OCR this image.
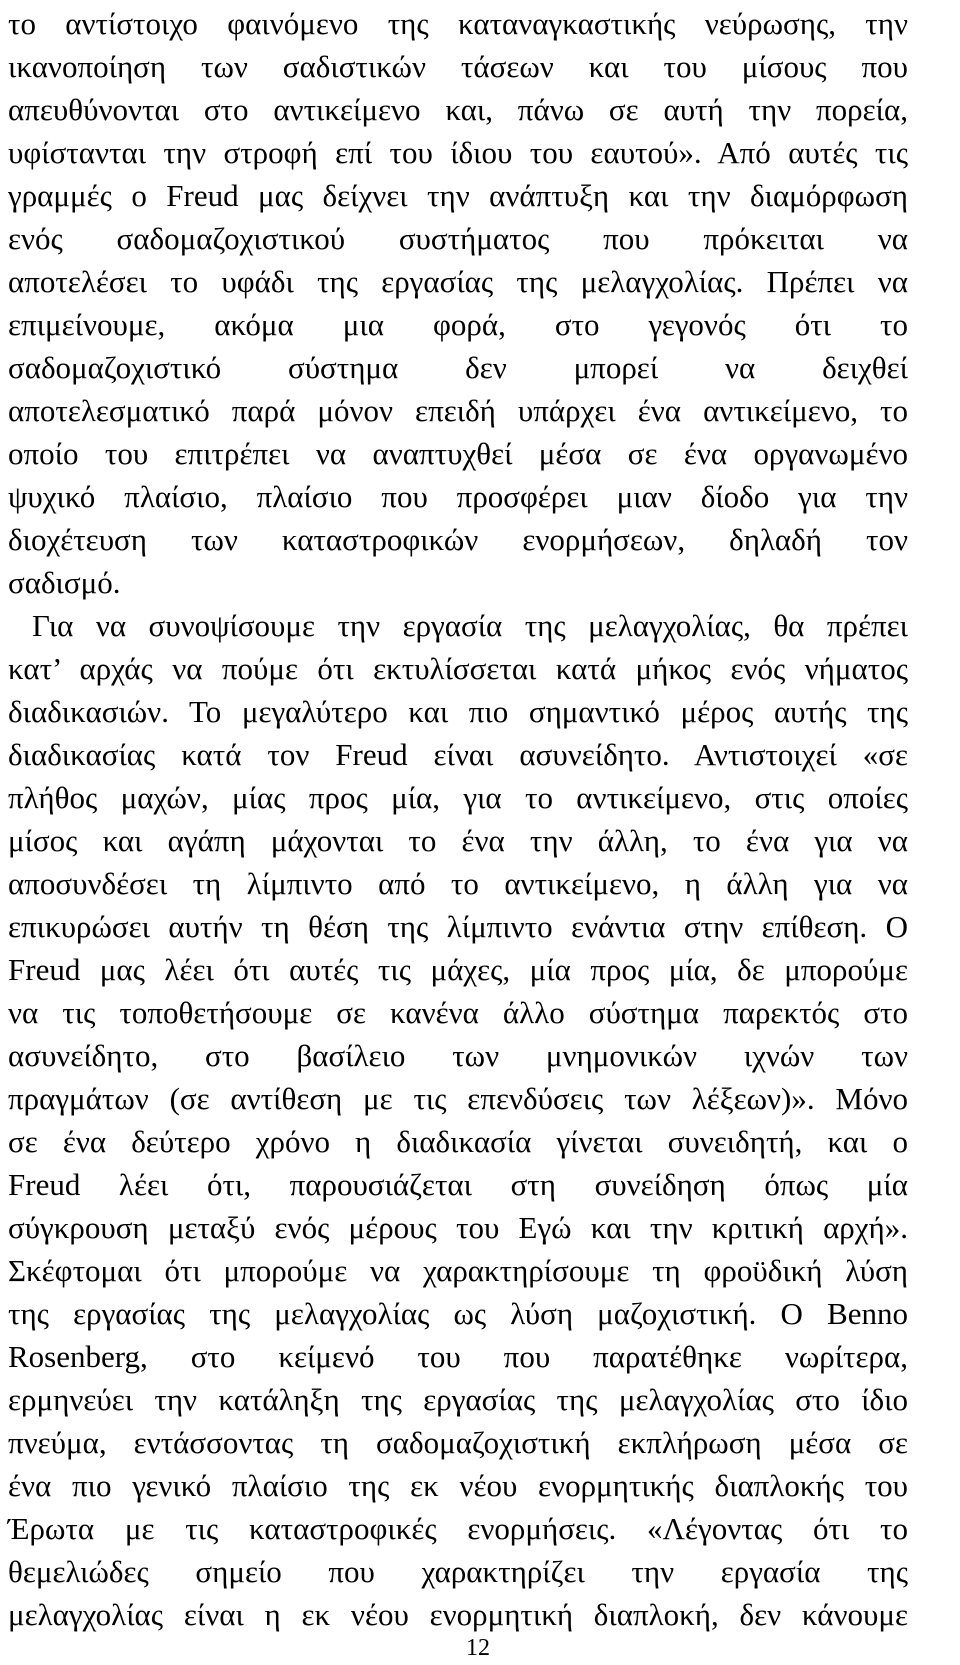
το αντίστοιχο φαινόμενο της καταναγκαστικής νεύρωσης, την
ικανοποίηση των σαδιστικών τάσεων και του μίσους που
απευθύνονται στο αντικείμενο και, πάνω σε αυτή την πορεία,
υφίστανται την στροφή επί του ίδιου του εαυτού». Από αυτές τις
γραμμές ο Freud μας δείχνει την ανάπτυξη και την διαμόρφωση
ενός σαδομαζοχιστικού συστήματος που πρόκειται να
αποτελέσει το υφάδι της εργασίας της μελαγχολίας. Πρέπει να
επιμείνουμε, ακόμα μια φορά, στο γεγονός ότι το
σαδομαζοχιστικό σύστημα δεν μπορεί να δειχθεί
αποτελεσματικό παρά μόνον επειδή υπάρχει ένα αντικείμενο, το
οποίο του επιτρέπει να αναπτυχθεί μέσα σε ένα οργανωμένο
ψυχικό πλαίσιο, πλαίσιο που προσφέρει μιαν δίοδο για την
διοχέτευση των καταστροφικών ενορμήσεων, δηλαδή τον
σαδισμό.
Για να συνοψίσουμε την εργασία της μελαγχολίας, θα πρέπει
κατ’ αρχάς να πούμε ότι εκτυλίσσεται κατά μήκος ενός νήματος
διαδικασιών. Το μεγαλύτερο και πιο σημαντικό μέρος αυτής της
διαδικασίας κατά τον Freud είναι ασυνείδητο. Αντιστοιχεί «σε
πλήθος μαχών, μίας προς μία, για το αντικείμενο, στις οποίες
μίσος και αγάπη μάχονται το ένα την άλλη, το ένα για να
αποσυνδέσει τη λίμπιντο από το αντικείμενο, η άλλη για να
επικυρώσει αυτήν τη θέση της λίμπιντο ενάντια στην επίθεση. Ο
Freud μας λέει ότι αυτές τις μάχες, μία προς μία, δε μπορούμε
να τις τοποθετήσουμε σε κανένα άλλο σύστημα παρεκτός στο
ασυνείδητο, στο βασίλειο των μνημονικών ιχνών των
πραγμάτων (σε αντίθεση με τις επενδύσεις των λέξεων)». Μόνο
σε ένα δεύτερο χρόνο η διαδικασία γίνεται συνειδητή, και ο
Freud λέει ότι, παρουσιάζεται στη συνείδηση όπως μία
σύγκρουση μεταξύ ενός μέρους του Εγώ και την κριτική αρχή».
Σκέφτομαι ότι μπορούμε να χαρακτηρίσουμε τη φροϋδική λύση
της εργασίας της μελαγχολίας ως λύση μαζοχιστική. Ο Benno
Rosenberg, στο κείμενό του που παρατέθηκε νωρίτερα,
ερμηνεύει την κατάληξη της εργασίας της μελαγχολίας στο ίδιο
πνεύμα, εντάσσοντας τη σαδομαζοχιστική εκπλήρωση μέσα σε
ένα πιο γενικό πλαίσιο της εκ νέου ενορμητικής διαπλοκής του
Έρωτα με τις καταστροφικές ενορμήσεις. «Λέγοντας ότι το
θεμελιώδες σημείο που χαρακτηρίζει την εργασία της
μελαγχολίας είναι η εκ νέου ενορμητική διαπλοκή, δεν κάνουμε
12
